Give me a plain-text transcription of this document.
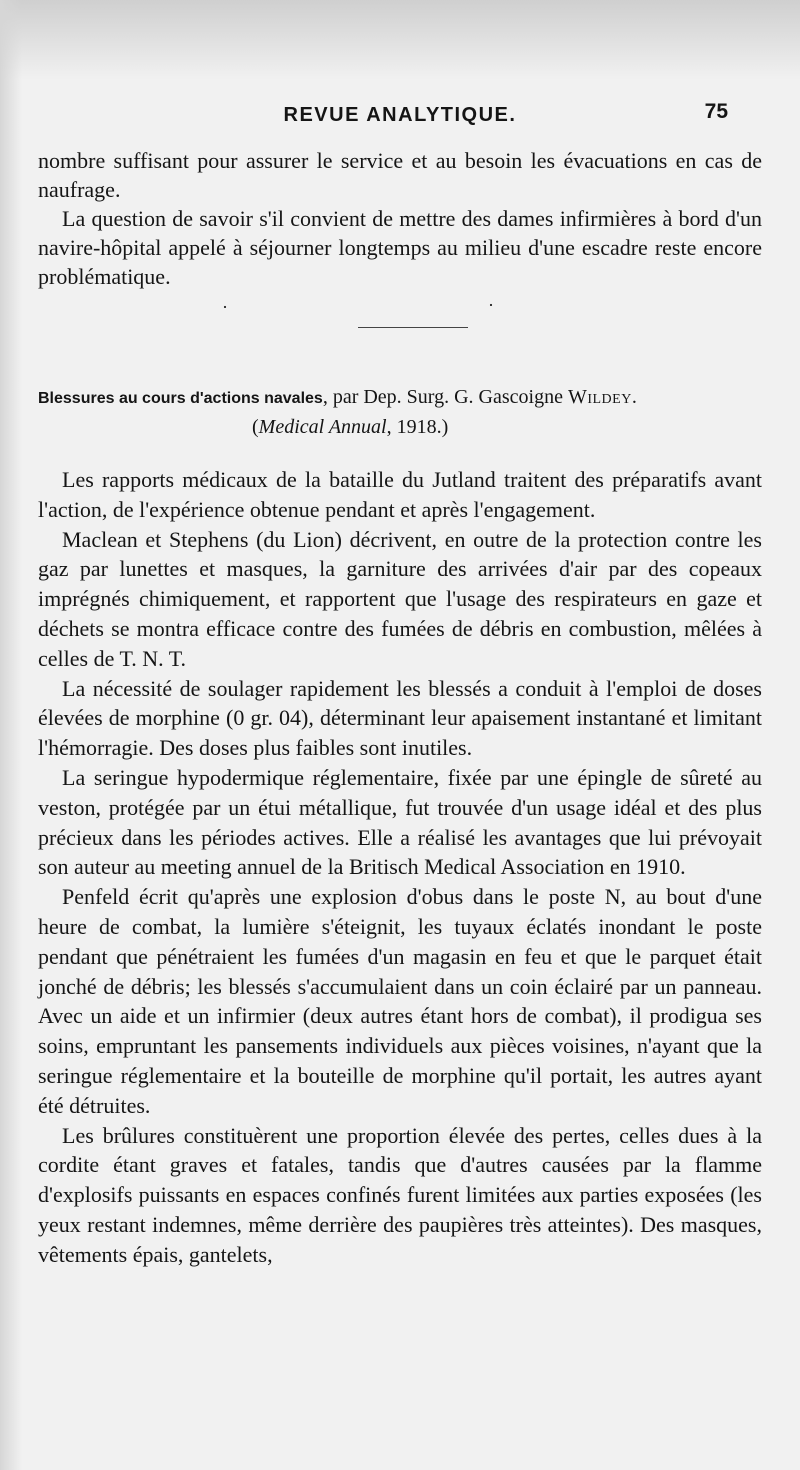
REVUE ANALYTIQUE.	75

nombre suffisant pour assurer le service et au besoin les évacuations en cas de naufrage.

La question de savoir s'il convient de mettre des dames infirmières à bord d'un navire-hôpital appelé à séjourner longtemps au milieu d'une escadre reste encore problématique.

·	·
Blessures au cours d'actions navales, par Dep. Surg. G. Gascoigne Wildey.
(Medical Annual, 1918.)

Les rapports médicaux de la bataille du Jutland traitent des préparatifs avant l'action, de l'expérience obtenue pendant et après l'engagement.

Maclean et Stephens (du Lion) décrivent, en outre de la protection contre les gaz par lunettes et masques, la garniture des arrivées d'air par des copeaux imprégnés chimiquement, et rapportent que l'usage des respirateurs en gaze et déchets se montra efficace contre des fumées de débris en combustion, mêlées à celles de T. N. T.

La nécessité de soulager rapidement les blessés a conduit à l'emploi de doses élevées de morphine (0 gr. 04), déterminant leur apaisement instantané et limitant l'hémorragie. Des doses plus faibles sont inutiles.

La seringue hypodermique réglementaire, fixée par une épingle de sûreté au veston, protégée par un étui métallique, fut trouvée d'un usage idéal et des plus précieux dans les périodes actives. Elle a réalisé les avantages que lui prévoyait son auteur au meeting annuel de la Britisch Medical Association en 1910.

Penfeld écrit qu'après une explosion d'obus dans le poste N, au bout d'une heure de combat, la lumière s'éteignit, les tuyaux éclatés inondant le poste pendant que pénétraient les fumées d'un magasin en feu et que le parquet était jonché de débris; les blessés s'accumulaient dans un coin éclairé par un panneau. Avec un aide et un infirmier (deux autres étant hors de combat), il prodigua ses soins, empruntant les pansements individuels aux pièces voisines, n'ayant que la seringue réglementaire et la bouteille de morphine qu'il portait, les autres ayant été détruites.

Les brûlures constituèrent une proportion élevée des pertes, celles dues à la cordite étant graves et fatales, tandis que d'autres causées par la flamme d'explosifs puissants en espaces confinés furent limitées aux parties exposées (les yeux restant indemnes, même derrière des paupières très atteintes). Des masques, vêtements épais, gantelets,
